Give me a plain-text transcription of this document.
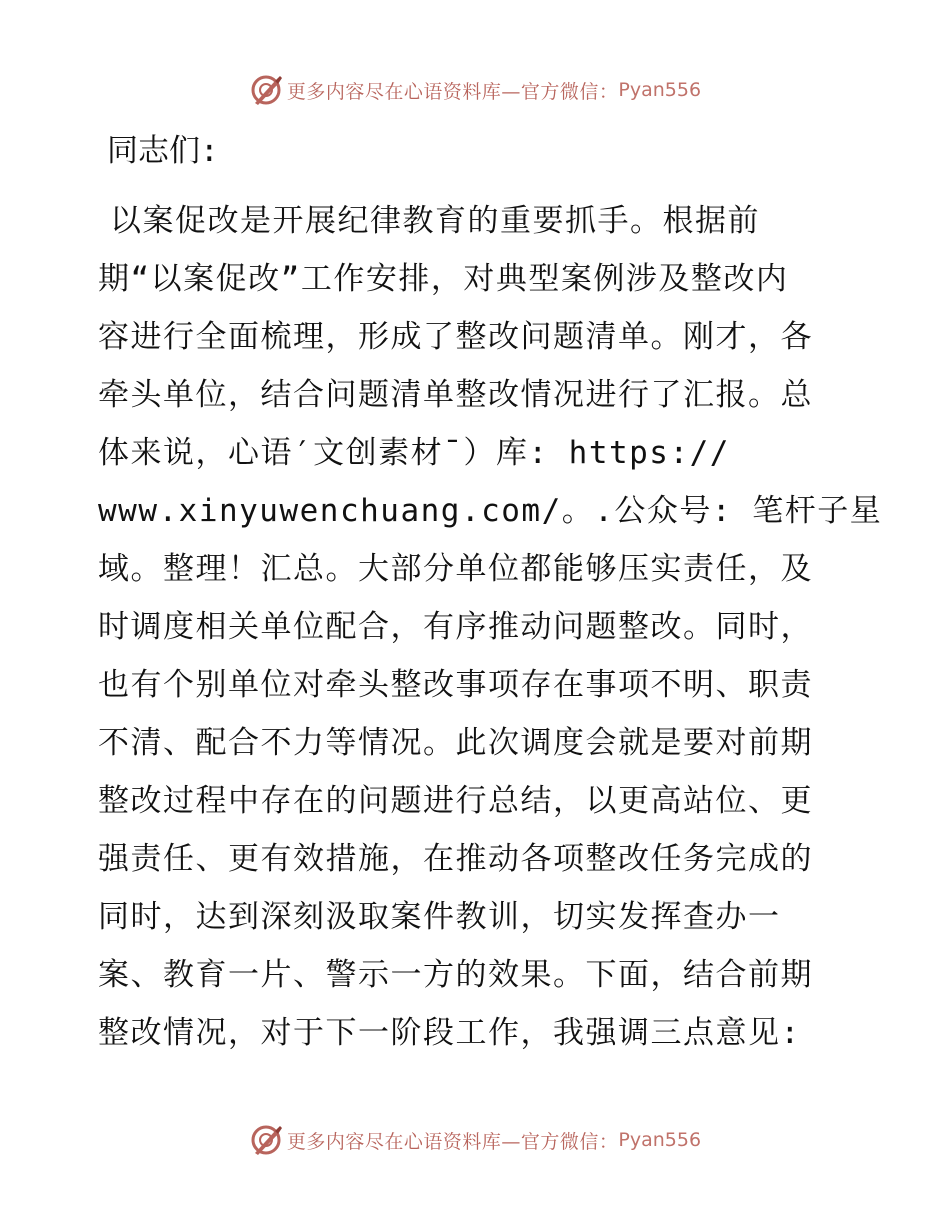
更多内容尽在心语资料库—官方微信： Pyan556
同志们:
以案促改是开展纪律教育的重要抓手。根据前
期“以案促改”工作安排，对典型案例涉及整改内
容进行全面梳理，形成了整改问题清单。刚才，各
牵头单位，结合问题清单整改情况进行了汇报。总
体来说，心语′文创素材¯）库: https://
www.xinyuwenchuang.com/。.公众号: 笔杆子星
域。整理！汇总。大部分单位都能够压实责任，及
时调度相关单位配合，有序推动问题整改。同时，
也有个别单位对牵头整改事项存在事项不明、职责
不清、配合不力等情况。此次调度会就是要对前期
整改过程中存在的问题进行总结，以更高站位、更
强责任、更有效措施，在推动各项整改任务完成的
同时，达到深刻汲取案件教训，切实发挥查办一
案、教育一片、警示一方的效果。下面，结合前期
整改情况，对于下一阶段工作，我强调三点意见:
更多内容尽在心语资料库—官方微信： Pyan556
